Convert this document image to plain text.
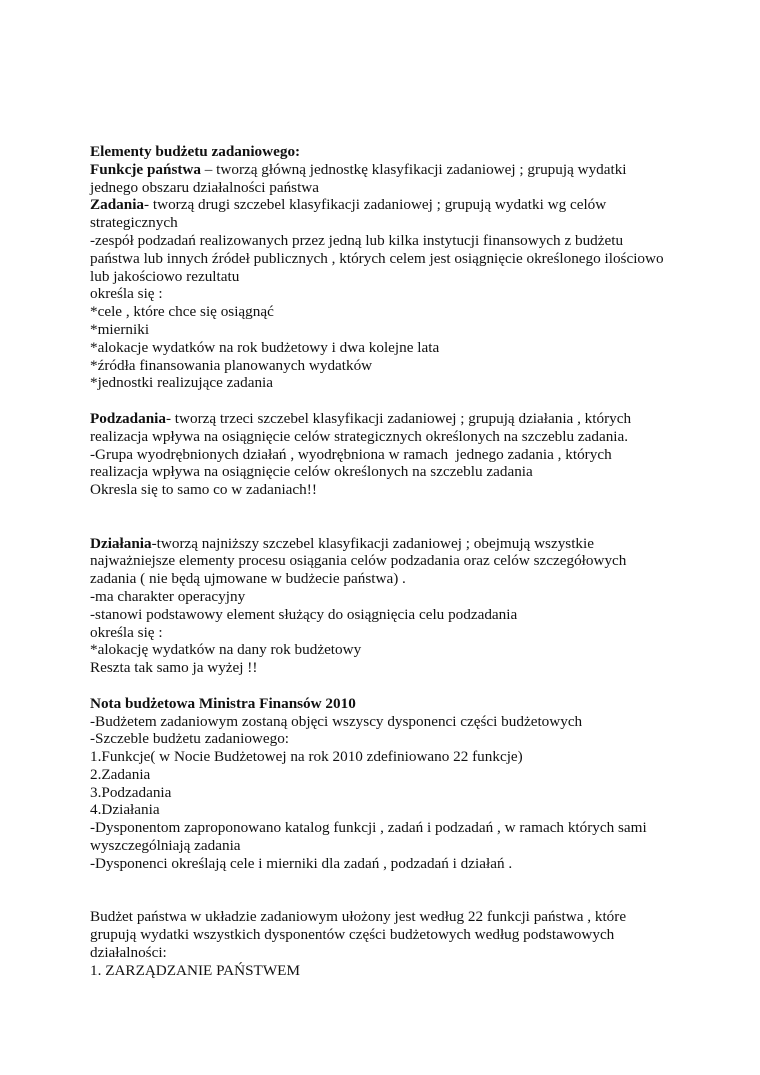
Elementy budżetu zadaniowego:
Funkcje państwa – tworzą główną jednostkę klasyfikacji zadaniowej ; grupują wydatki
jednego obszaru działalności państwa
Zadania- tworzą drugi szczebel klasyfikacji zadaniowej ; grupują wydatki wg celów
strategicznych
-zespół podzadań realizowanych przez jedną lub kilka instytucji finansowych z budżetu
państwa lub innych źródeł publicznych , których celem jest osiągnięcie określonego ilościowo
lub jakościowo rezultatu
określa się :
*cele , które chce się osiągnąć
*mierniki
*alokacje wydatków na rok budżetowy i dwa kolejne lata
*źródła finansowania planowanych wydatków
*jednostki realizujące zadania
Podzadania- tworzą trzeci szczebel klasyfikacji zadaniowej ; grupują działania , których
realizacja wpływa na osiągnięcie celów strategicznych określonych na szczeblu zadania.
-Grupa wyodrębnionych działań , wyodrębniona w ramach  jednego zadania , których
realizacja wpływa na osiągnięcie celów określonych na szczeblu zadania
Okresla się to samo co w zadaniach!!
Działania-tworzą najniższy szczebel klasyfikacji zadaniowej ; obejmują wszystkie
najważniejsze elementy procesu osiągania celów podzadania oraz celów szczegółowych
zadania ( nie będą ujmowane w budżecie państwa) .
-ma charakter operacyjny
-stanowi podstawowy element służący do osiągnięcia celu podzadania
określa się :
*alokację wydatków na dany rok budżetowy
Reszta tak samo ja wyżej !!
Nota budżetowa Ministra Finansów 2010
-Budżetem zadaniowym zostaną objęci wszyscy dysponenci części budżetowych
-Szczeble budżetu zadaniowego:
1.Funkcje( w Nocie Budżetowej na rok 2010 zdefiniowano 22 funkcje)
2.Zadania
3.Podzadania
4.Działania
-Dysponentom zaproponowano katalog funkcji , zadań i podzadań , w ramach których sami
wyszczególniają zadania
-Dysponenci określają cele i mierniki dla zadań , podzadań i działań .
Budżet państwa w układzie zadaniowym ułożony jest według 22 funkcji państwa , które
grupują wydatki wszystkich dysponentów części budżetowych według podstawowych
działalności:
1. ZARZĄDZANIE PAŃSTWEM
